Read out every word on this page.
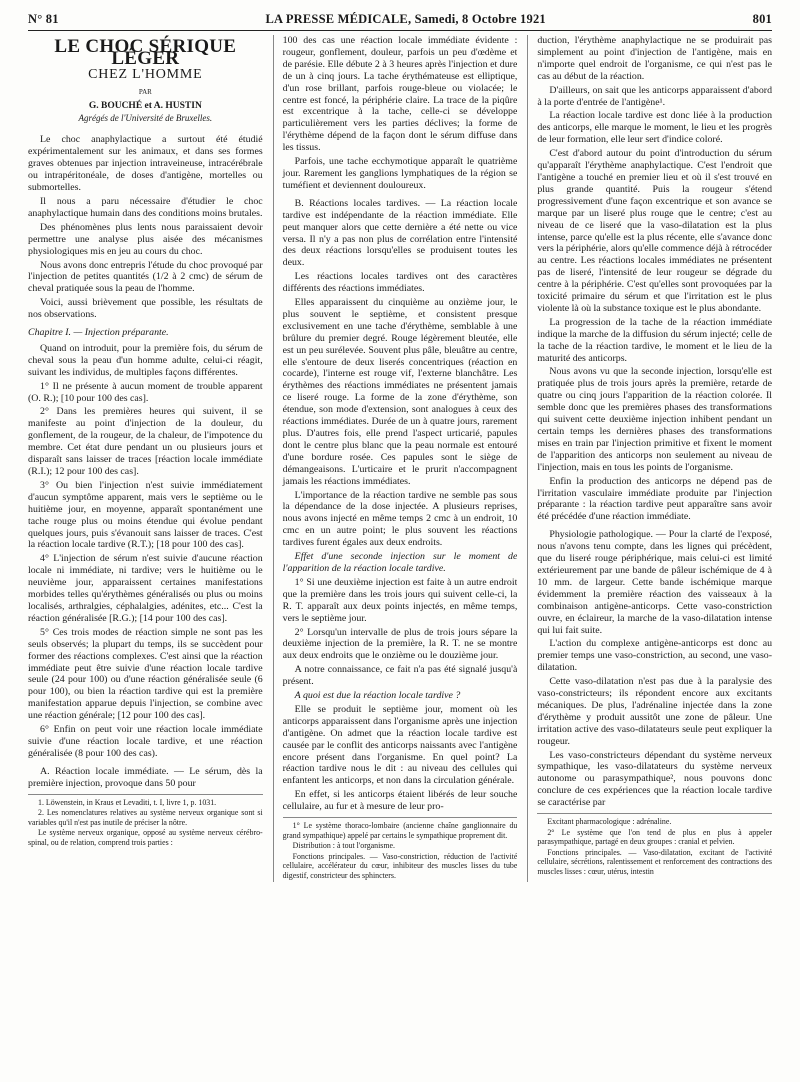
N° 81	LA PRESSE MÉDICALE, Samedi, 8 Octobre 1921	801
LE CHOC SÉRIQUE LÉGER
CHEZ L'HOMME
PAR
G. BOUCHÉ et A. HUSTIN
Agrégés de l'Université de Bruxelles.

Le choc anaphylactique a surtout été étudié expérimentalement sur les animaux, et dans ses formes graves obtenues par injection intraveineuse, intracérébrale ou intrapéritonéale, de doses d'antigène, mortelles ou submortelles.

Il nous a paru nécessaire d'étudier le choc anaphylactique humain dans des conditions moins brutales.

Des phénomènes plus lents nous paraissaient devoir permettre une analyse plus aisée des mécanismes physiologiques mis en jeu au cours du choc.

Nous avons donc entrepris l'étude du choc provoqué par l'injection de petites quantités (1/2 à 2 cmc) de sérum de cheval pratiquée sous la peau de l'homme.

Voici, aussi brièvement que possible, les résultats de nos observations.

Chapitre I. — Injection préparante.

Quand on introduit, pour la première fois, du sérum de cheval sous la peau d'un homme adulte, celui-ci réagit, suivant les individus, de multiples façons différentes.

1° Il ne présente à aucun moment de trouble apparent (O. R.); [10 pour 100 des cas].

2° Dans les premières heures qui suivent, il se manifeste au point d'injection de la douleur, du gonflement, de la rougeur, de la chaleur, de l'impotence du membre. Cet état dure pendant un ou plusieurs jours et disparaît sans laisser de traces [réaction locale immédiate (R.I.); 12 pour 100 des cas].

3° Ou bien l'injection n'est suivie immédiatement d'aucun symptôme apparent, mais vers le septième ou le huitième jour, en moyenne, apparaît spontanément une tache rouge plus ou moins étendue qui évolue pendant quelques jours, puis s'évanouit sans laisser de traces. C'est la réaction locale tardive (R.T.); [18 pour 100 des cas].

4° L'injection de sérum n'est suivie d'aucune réaction locale ni immédiate, ni tardive; vers le huitième ou le neuvième jour, apparaissent certaines manifestations morbides telles qu'érythèmes généralisés ou plus ou moins localisés, arthralgies, céphalalgies, adénites, etc... C'est la réaction généralisée [R.G.); [14 pour 100 des cas].

5° Ces trois modes de réaction simple ne sont pas les seuls observés; la plupart du temps, ils se succèdent pour former des réactions complexes. C'est ainsi que la réaction immédiate peut être suivie d'une réaction locale tardive seule (24 pour 100) ou d'une réaction généralisée seule (6 pour 100), ou bien la réaction tardive qui est la première manifestation apparue depuis l'injection, se combine avec une réaction générale; [12 pour 100 des cas].

6° Enfin on peut voir une réaction locale immédiate suivie d'une réaction locale tardive, et une réaction généralisée (8 pour 100 des cas).

A. Réaction locale immédiate. — Le sérum, dès la première injection, provoque dans 50 pour

1. Löwenstein, in Kraus et Levaditi, t. I, livre 1, p. 1031.

2. Les nomenclatures relatives au système nerveux organique sont si variables qu'il n'est pas inutile de préciser la nôtre.

Le système nerveux organique, opposé au système nerveux cérébro-spinal, ou de relation, comprend trois parties :

100 des cas une réaction locale immédiate évidente : rougeur, gonflement, douleur, parfois un peu d'œdème et de parésie. Elle débute 2 à 3 heures après l'injection et dure de un à cinq jours. La tache érythémateuse est elliptique, d'un rose brillant, parfois rouge-bleue ou violacée; le centre est foncé, la périphérie claire. La trace de la piqûre est excentrique à la tache, celle-ci se développe particulièrement vers les parties déclives; la forme de l'érythème dépend de la façon dont le sérum diffuse dans les tissus.

Parfois, une tache ecchymotique apparaît le quatrième jour. Rarement les ganglions lymphatiques de la région se tuméfient et deviennent douloureux.

B. Réactions locales tardives. — La réaction locale tardive est indépendante de la réaction immédiate. Elle peut manquer alors que cette dernière a été nette ou vice versa. Il n'y a pas non plus de corrélation entre l'intensité des deux réactions lorsqu'elles se produisent toutes les deux.

Les réactions locales tardives ont des caractères différents des réactions immédiates.

Elles apparaissent du cinquième au onzième jour, le plus souvent le septième, et consistent presque exclusivement en une tache d'érythème, semblable à une brûlure du premier degré. Rouge légèrement bleutée, elle est un peu surélevée. Souvent plus pâle, bleuâtre au centre, elle s'entoure de deux liserés concentriques (réaction en cocarde), l'interne est rouge vif, l'externe blanchâtre. Les érythèmes des réactions immédiates ne présentent jamais ce liseré rouge. La forme de la zone d'érythème, son étendue, son mode d'extension, sont analogues à ceux des réactions immédiates. Durée de un à quatre jours, rarement plus. D'autres fois, elle prend l'aspect urticarié, papules dont le centre plus blanc que la peau normale est entouré d'une bordure rosée. Ces papules sont le siège de démangeaisons. L'urticaire et le prurit n'accompagnent jamais les réactions immédiates.

L'importance de la réaction tardive ne semble pas sous la dépendance de la dose injectée. A plusieurs reprises, nous avons injecté en même temps 2 cmc à un endroit, 10 cmc en un autre point; le plus souvent les réactions tardives furent égales aux deux endroits.

Effet d'une seconde injection sur le moment de l'apparition de la réaction locale tardive.

1° Si une deuxième injection est faite à un autre endroit que la première dans les trois jours qui suivent celle-ci, la R. T. apparaît aux deux points injectés, en même temps, vers le septième jour.

2° Lorsqu'un intervalle de plus de trois jours sépare la deuxième injection de la première, la R. T. ne se montre aux deux endroits que le onzième ou le douzième jour.

A notre connaissance, ce fait n'a pas été signalé jusqu'à présent.

A quoi est due la réaction locale tardive ?

Elle se produit le septième jour, moment où les anticorps apparaissent dans l'organisme après une injection d'antigène. On admet que la réaction locale tardive est causée par le conflit des anticorps naissants avec l'antigène encore présent dans l'organisme. En quel point? La réaction tardive nous le dit : au niveau des cellules qui enfantent les anticorps, et non dans la circulation générale.

En effet, si les anticorps étaient libérés de leur souche cellulaire, au fur et à mesure de leur pro-

1° Le système thoraco-lombaire (ancienne chaîne ganglionnaire du grand sympathique) appelé par certains le sympathique proprement dit.

Distribution : à tout l'organisme.

Fonctions principales. — Vaso-constriction, réduction de l'activité cellulaire, accélérateur du cœur, inhibiteur des muscles lisses du tube digestif, constricteur des sphincters.

duction, l'érythème anaphylactique ne se produirait pas simplement au point d'injection de l'antigène, mais en n'importe quel endroit de l'organisme, ce qui n'est pas le cas au début de la réaction.

D'ailleurs, on sait que les anticorps apparaissent d'abord à la porte d'entrée de l'antigène¹.

La réaction locale tardive est donc liée à la production des anticorps, elle marque le moment, le lieu et les progrès de leur formation, elle leur sert d'indice coloré.

C'est d'abord autour du point d'introduction du sérum qu'apparaît l'érythème anaphylactique. C'est l'endroit que l'antigène a touché en premier lieu et où il s'est trouvé en plus grande quantité. Puis la rougeur s'étend progressivement d'une façon excentrique et son avance se marque par un liseré plus rouge que le centre; c'est au niveau de ce liseré que la vaso-dilatation est la plus intense, parce qu'elle est la plus récente, elle s'avance donc vers la périphérie, alors qu'elle commence déjà à rétrocéder au centre. Les réactions locales immédiates ne présentent pas de liseré, l'intensité de leur rougeur se dégrade du centre à la périphérie. C'est qu'elles sont provoquées par la toxicité primaire du sérum et que l'irritation est le plus violente là où la substance toxique est le plus abondante.

La progression de la tache de la réaction immédiate indique la marche de la diffusion du sérum injecté; celle de la tache de la réaction tardive, le moment et le lieu de la maturité des anticorps.

Nous avons vu que la seconde injection, lorsqu'elle est pratiquée plus de trois jours après la première, retarde de quatre ou cinq jours l'apparition de la réaction colorée. Il semble donc que les premières phases des transformations qui suivent cette deuxième injection inhibent pendant un certain temps les dernières phases des transformations mises en train par l'injection primitive et fixent le moment de l'apparition des anticorps non seulement au niveau de l'injection, mais en tous les points de l'organisme.

Enfin la production des anticorps ne dépend pas de l'irritation vasculaire immédiate produite par l'injection préparante : la réaction tardive peut apparaître sans avoir été précédée d'une réaction immédiate.

Physiologie pathologique. — Pour la clarté de l'exposé, nous n'avons tenu compte, dans les lignes qui précèdent, que du liseré rouge périphérique, mais celui-ci est limité extérieurement par une bande de pâleur ischémique de 4 à 10 mm. de largeur. Cette bande ischémique marque évidemment la première réaction des vaisseaux à la combinaison antigène-anticorps. Cette vaso-constriction ouvre, en éclaireur, la marche de la vaso-dilatation intense qui lui fait suite.

L'action du complexe antigène-anticorps est donc au premier temps une vaso-constriction, au second, une vaso-dilatation.

Cette vaso-dilatation n'est pas due à la paralysie des vaso-constricteurs; ils répondent encore aux excitants mécaniques. De plus, l'adrénaline injectée dans la zone d'érythème y produit aussitôt une zone de pâleur. Une irritation active des vaso-dilatateurs seule peut expliquer la rougeur.

Les vaso-constricteurs dépendant du système nerveux sympathique, les vaso-dilatateurs du système nerveux autonome ou parasympathique², nous pouvons donc conclure de ces expériences que la réaction locale tardive se caractérise par

Excitant pharmacologique : adrénaline.

2° Le système que l'on tend de plus en plus à appeler parasympathique, partagé en deux groupes : cranial et pelvien.

Fonctions principales. — Vaso-dilatation, excitant de l'activité cellulaire, sécrétions, ralentissement et renforcement des contractions des muscles lisses : cœur, utérus, intestin
